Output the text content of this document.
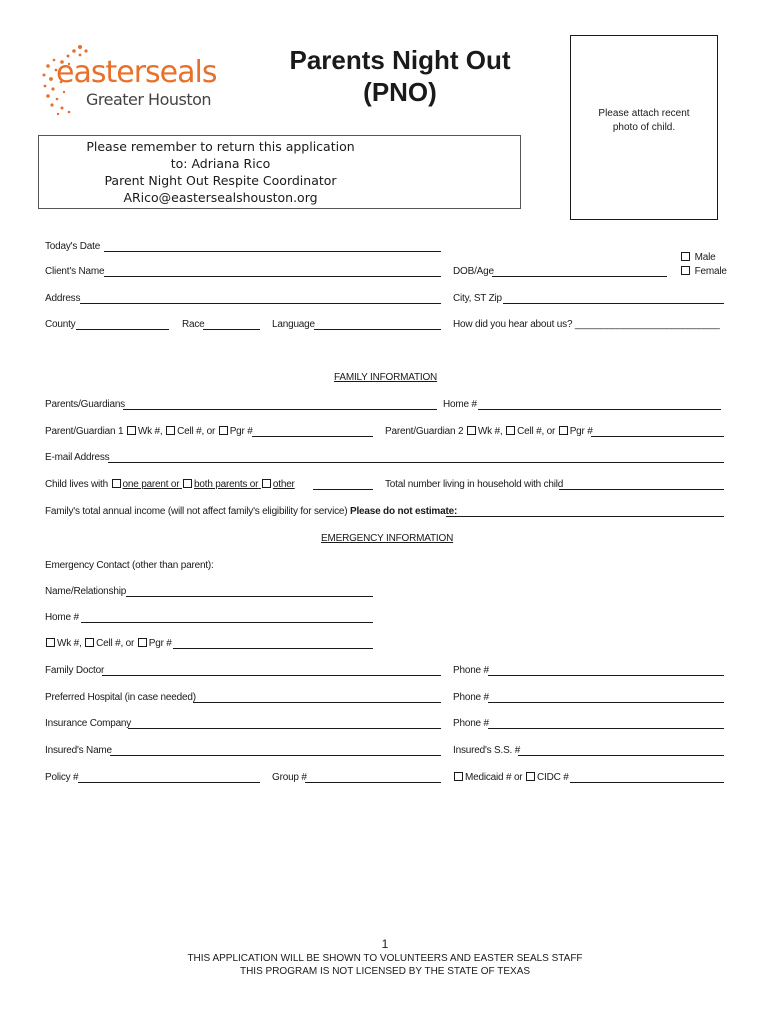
easterseals
Greater Houston
Parents Night Out
(PNO)
Please attach recent
photo of child.
Please remember to return this application
to: Adriana Rico
Parent Night Out Respite Coordinator
ARico@eastersealshouston.org
Today's Date
Male
Female
Client's Name	DOB/Age
Address	City, ST Zip
County	Race	Language	How did you hear about us? ___________________________
FAMILY INFORMATION
Parents/Guardians	Home #
Parent/Guardian 1 Wk #, Cell #, or Pgr #	Parent/Guardian 2 Wk #, Cell #, or Pgr #
E-mail Address
Child lives with one parent or both parents or other	Total number living in household with child
Family's total annual income (will not affect family's eligibility for service) Please do not estimate:
EMERGENCY INFORMATION
Emergency Contact (other than parent):
Name/Relationship
Home #
Wk #, Cell #, or Pgr #
Family Doctor	Phone #
Preferred Hospital (in case needed)	Phone #
Insurance Company	Phone #
Insured's Name	Insured's S.S. #
Policy #	Group #	Medicaid # or CIDC #
1
THIS APPLICATION WILL BE SHOWN TO VOLUNTEERS AND EASTER SEALS STAFF
THIS PROGRAM IS NOT LICENSED BY THE STATE OF TEXAS
